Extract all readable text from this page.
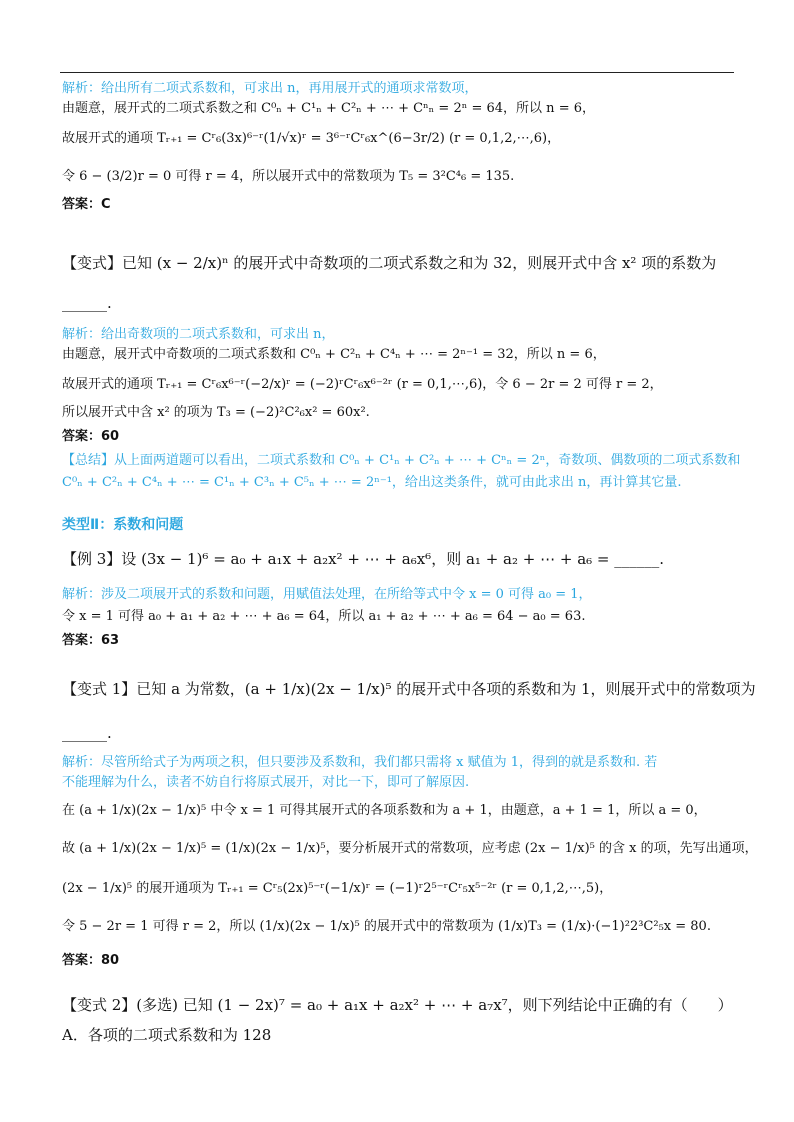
解析：给出所有二项式系数和，可求出 n，再用展开式的通项求常数项，
由题意，展开式的二项式系数之和 C⁰ₙ + C¹ₙ + C²ₙ + ⋯ + Cⁿₙ = 2ⁿ = 64，所以 n = 6，
故展开式的通项 Tᵣ₊₁ = Cʳ₆(3x)⁶⁻ʳ(1/√x)ʳ = 3⁶⁻ʳCʳ₆x^(6−3r/2) (r = 0,1,2,⋯,6)，
令 6 − (3/2)r = 0 可得 r = 4，所以展开式中的常数项为 T₅ = 3²C⁴₆ = 135.
答案：C
【变式】已知 (x − 2/x)ⁿ 的展开式中奇数项的二项式系数之和为 32，则展开式中含 x² 项的系数为
______.
解析：给出奇数项的二项式系数和，可求出 n，
由题意，展开式中奇数项的二项式系数和 C⁰ₙ + C²ₙ + C⁴ₙ + ⋯ = 2ⁿ⁻¹ = 32，所以 n = 6，
故展开式的通项 Tᵣ₊₁ = Cʳ₆x⁶⁻ʳ(−2/x)ʳ = (−2)ʳCʳ₆x⁶⁻²ʳ (r = 0,1,⋯,6)，令 6 − 2r = 2 可得 r = 2，
所以展开式中含 x² 的项为 T₃ = (−2)²C²₆x² = 60x².
答案：60
【总结】从上面两道题可以看出，二项式系数和 C⁰ₙ + C¹ₙ + C²ₙ + ⋯ + Cⁿₙ = 2ⁿ，奇数项、偶数项的二项式系数和
C⁰ₙ + C²ₙ + C⁴ₙ + ⋯ = C¹ₙ + C³ₙ + C⁵ₙ + ⋯ = 2ⁿ⁻¹，给出这类条件，就可由此求出 n，再计算其它量.
类型Ⅱ：系数和问题
【例 3】设 (3x − 1)⁶ = a₀ + a₁x + a₂x² + ⋯ + a₆x⁶，则 a₁ + a₂ + ⋯ + a₆ = ______.
解析：涉及二项展开式的系数和问题，用赋值法处理，在所给等式中令 x = 0 可得 a₀ = 1，
令 x = 1 可得 a₀ + a₁ + a₂ + ⋯ + a₆ = 64，所以 a₁ + a₂ + ⋯ + a₆ = 64 − a₀ = 63.
答案：63
【变式 1】已知 a 为常数，(a + 1/x)(2x − 1/x)⁵ 的展开式中各项的系数和为 1，则展开式中的常数项为
______.
解析：尽管所给式子为两项之积，但只要涉及系数和，我们都只需将 x 赋值为 1，得到的就是系数和. 若
不能理解为什么，读者不妨自行将原式展开，对比一下，即可了解原因.
在 (a + 1/x)(2x − 1/x)⁵ 中令 x = 1 可得其展开式的各项系数和为 a + 1，由题意，a + 1 = 1，所以 a = 0，
故 (a + 1/x)(2x − 1/x)⁵ = (1/x)(2x − 1/x)⁵，要分析展开式的常数项，应考虑 (2x − 1/x)⁵ 的含 x 的项，先写出通项，
(2x − 1/x)⁵ 的展开通项为 Tᵣ₊₁ = Cʳ₅(2x)⁵⁻ʳ(−1/x)ʳ = (−1)ʳ2⁵⁻ʳCʳ₅x⁵⁻²ʳ (r = 0,1,2,⋯,5)，
令 5 − 2r = 1 可得 r = 2，所以 (1/x)(2x − 1/x)⁵ 的展开式中的常数项为 (1/x)T₃ = (1/x)·(−1)²2³C²₅x = 80.
答案：80
【变式 2】(多选) 已知 (1 − 2x)⁷ = a₀ + a₁x + a₂x² + ⋯ + a₇x⁷，则下列结论中正确的有（　　）
A．各项的二项式系数和为 128
